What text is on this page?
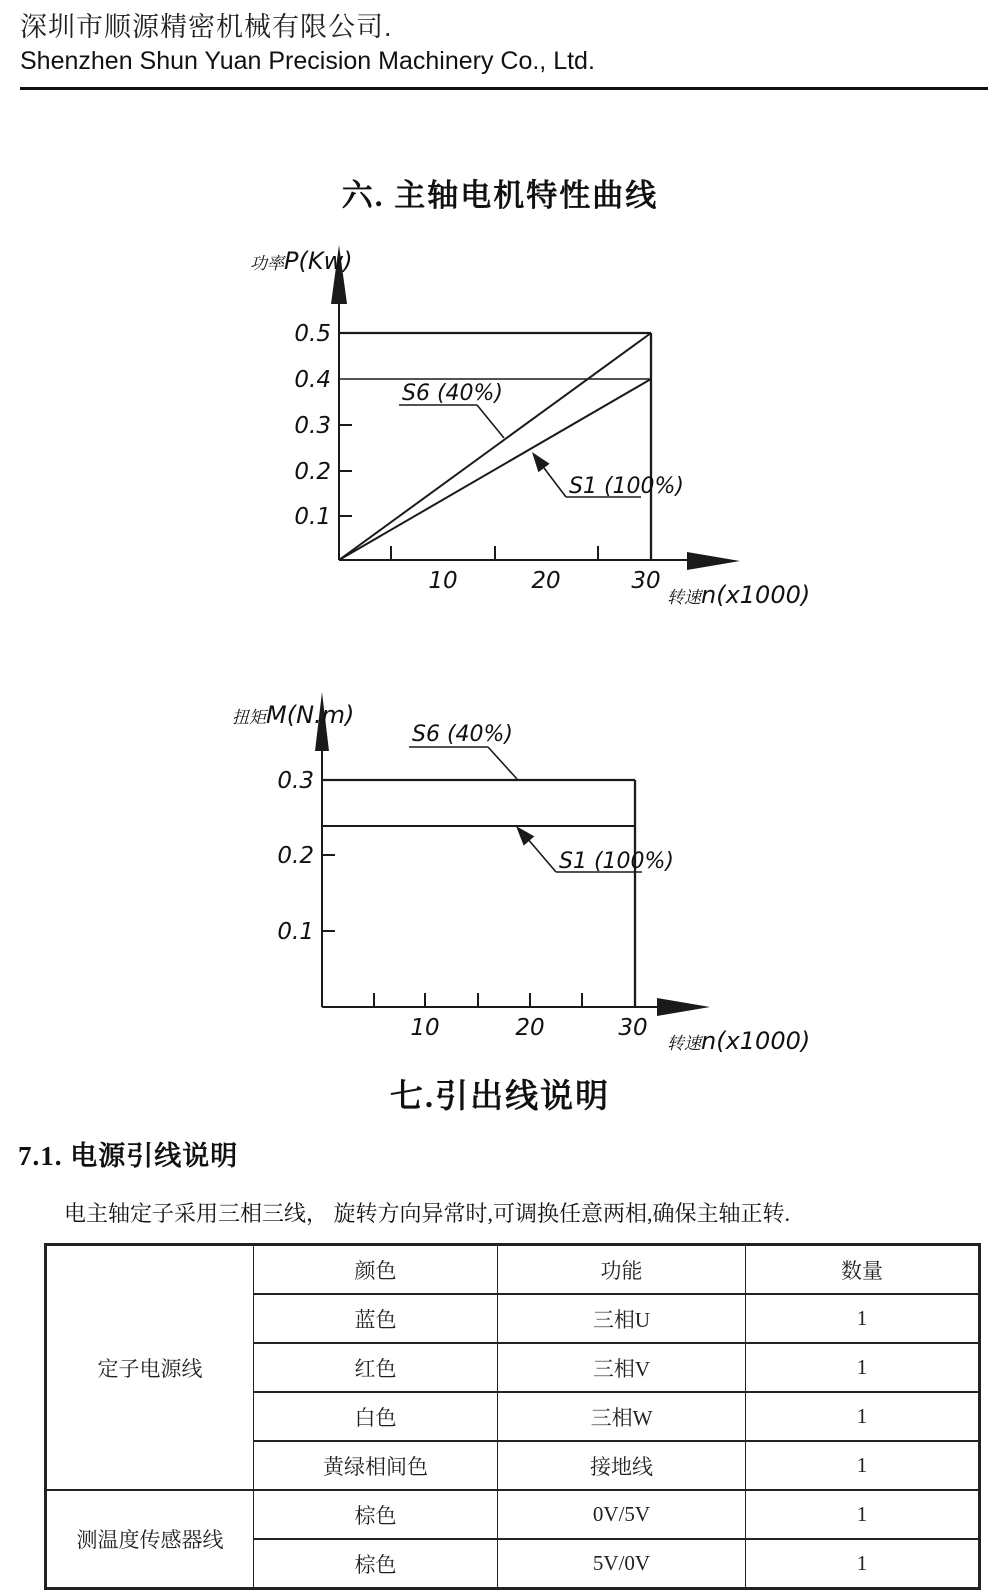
深圳市顺源精密机械有限公司.
Shenzhen Shun Yuan Precision Machinery Co., Ltd.
六. 主轴电机特性曲线
0.5
0.4
0.3
0.2
0.1
10	20	30
功率P(Kw)
转速n(x1000)
S6 (40%)
S1 (100%)
0.3
0.2
0.1
10	20	30
扭矩M(N.m)
转速n(x1000)
S6 (40%)
S1 (100%)
七.引出线说明
7.1. 电源引线说明
电主轴定子采用三相三线， 旋转方向异常时,可调换任意两相,确保主轴正转.
定子电源线	颜色	功能	数量
	蓝色	三相U	1
	红色	三相V	1
	白色	三相W	1
	黄绿相间色	接地线	1
测温度传感器线	棕色	0V/5V	1
	棕色	5V/0V	1
